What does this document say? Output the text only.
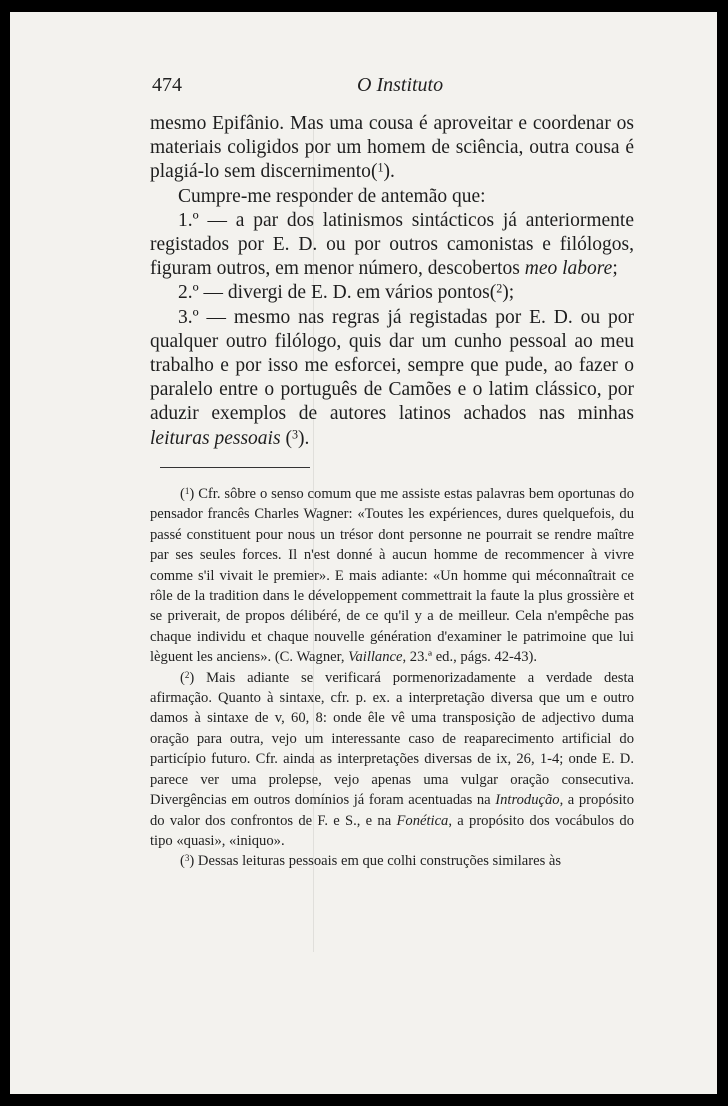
474	O Instituto

mesmo Epifânio. Mas uma cousa é aproveitar e coordenar os materiais coligidos por um homem de sciência, outra cousa é plagiá-lo sem discernimento($^1$).

Cumpre-me responder de antemão que:

1.º — a par dos latinismos sintácticos já anteriormente registados por E. D. ou por outros camonistas e filólogos, figuram outros, em menor número, descobertos meo labore;

2.º — divergi de E. D. em vários pontos($^2$);

3.º — mesmo nas regras já registadas por E. D. ou por qualquer outro filólogo, quis dar um cunho pessoal ao meu trabalho e por isso me esforcei, sempre que pude, ao fazer o paralelo entre o português de Camões e o latim clássico, por aduzir exemplos de autores latinos achados nas minhas leituras pessoais ($^3$).

($^1$) Cfr. sôbre o senso comum que me assiste estas palavras bem oportunas do pensador francês Charles Wagner: «Toutes les expériences, dures quelquefois, du passé constituent pour nous un trésor dont personne ne pourrait se rendre maître par ses seules forces. Il n'est donné à aucun homme de recommencer à vivre comme s'il vivait le premier». E mais adiante: «Un homme qui méconnaîtrait ce rôle de la tradition dans le développement commettrait la faute la plus grossière et se priverait, de propos délibéré, de ce qu'il y a de meilleur. Cela n'empêche pas chaque individu et chaque nouvelle génération d'examiner le patrimoine que lui lèguent les anciens». (C. Wagner, Vaillance, 23.ª ed., págs. 42-43).

($^2$) Mais adiante se verificará pormenorizadamente a verdade desta afirmação. Quanto à sintaxe, cfr. p. ex. a interpretação diversa que um e outro damos à sintaxe de v, 60, 8: onde êle vê uma transposição de adjectivo duma oração para outra, vejo um interessante caso de reaparecimento artificial do particípio futuro. Cfr. ainda as interpretações diversas de ix, 26, 1-4; onde E. D. parece ver uma prolepse, vejo apenas uma vulgar oração consecutiva. Divergências em outros domínios já foram acentuadas na Introdução, a propósito do valor dos confrontos de F. e S., e na Fonética, a propósito dos vocábulos do tipo «quasi», «iniquo».

($^3$) Dessas leituras pessoais em que colhi construções similares às
